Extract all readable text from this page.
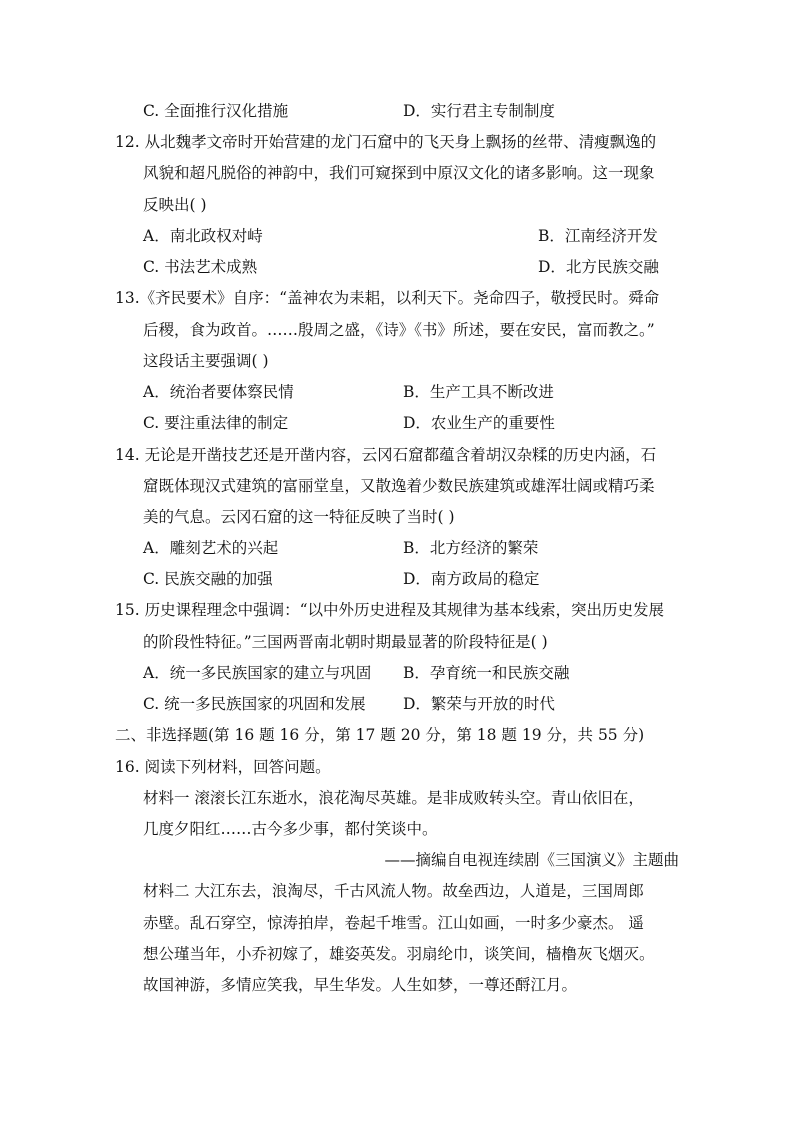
C. 全面推行汉化措施	D．实行君主专制制度
12. 从北魏孝文帝时开始营建的龙门石窟中的飞天身上飘扬的丝带、清瘦飘逸的
风貌和超凡脱俗的神韵中，我们可窥探到中原汉文化的诸多影响。这一现象
反映出( )
A．南北政权对峙	B．江南经济开发
C. 书法艺术成熟	D．北方民族交融
13.《齐民要术》自序：“盖神农为耒耜，以利天下。尧命四子，敬授民时。舜命
后稷，食为政首。……殷周之盛，《诗》《书》所述，要在安民，富而教之。”
这段话主要强调( )
A．统治者要体察民情	B．生产工具不断改进
C. 要注重法律的制定	D．农业生产的重要性
14. 无论是开凿技艺还是开凿内容，云冈石窟都蕴含着胡汉杂糅的历史内涵，石
窟既体现汉式建筑的富丽堂皇，又散逸着少数民族建筑或雄浑壮阔或精巧柔
美的气息。云冈石窟的这一特征反映了当时( )
A．雕刻艺术的兴起	B．北方经济的繁荣
C. 民族交融的加强	D．南方政局的稳定
15. 历史课程理念中强调：“以中外历史进程及其规律为基本线索，突出历史发展
的阶段性特征。”三国两晋南北朝时期最显著的阶段特征是( )
A．统一多民族国家的建立与巩固 B．孕育统一和民族交融
C. 统一多民族国家的巩固和发展 D．繁荣与开放的时代
二、非选择题(第 16 题 16 分，第 17 题 20 分，第 18 题 19 分，共 55 分)
16. 阅读下列材料，回答问题。
材料一 滚滚长江东逝水，浪花淘尽英雄。是非成败转头空。青山依旧在，
几度夕阳红……古今多少事，都付笑谈中。
——摘编自电视连续剧《三国演义》主题曲
材料二 大江东去，浪淘尽，千古风流人物。故垒西边，人道是，三国周郎
赤壁。乱石穿空，惊涛拍岸，卷起千堆雪。江山如画，一时多少豪杰。 遥
想公瑾当年，小乔初嫁了，雄姿英发。羽扇纶巾，谈笑间，樯橹灰飞烟灭。
故国神游，多情应笑我，早生华发。人生如梦，一尊还酹江月。
